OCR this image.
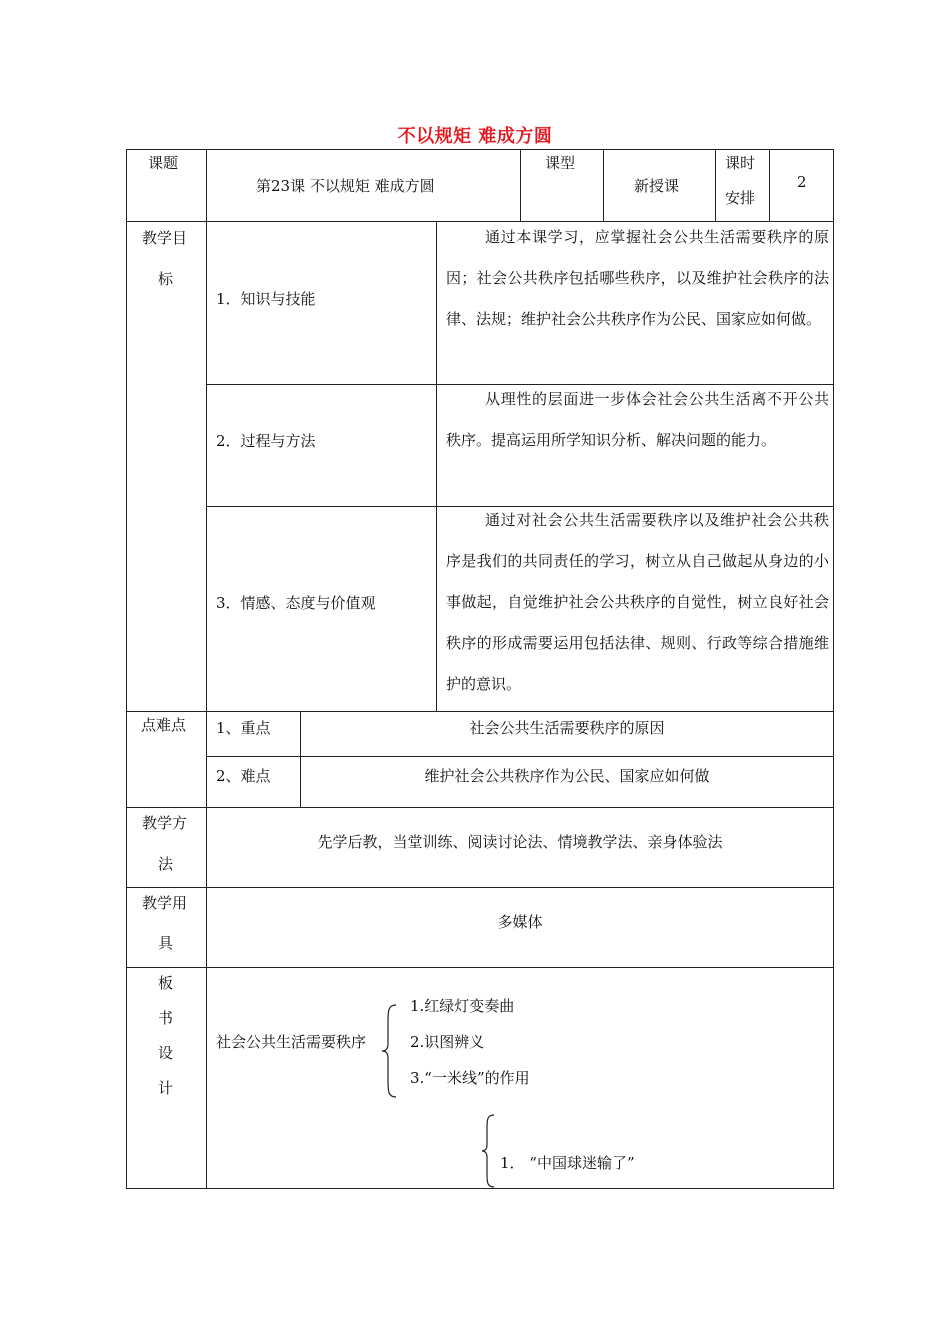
不以规矩 难成方圆
课题
第23课 不以规矩 难成方圆
课型
新授课
课时
安排
2
教学目
标
1．知识与技能
通过本课学习，应掌握社会公共生活需要秩序的原因；社会公共秩序包括哪些秩序，以及维护社会秩序的法律、法规；维护社会公共秩序作为公民、国家应如何做。
2．过程与方法
从理性的层面进一步体会社会公共生活离不开公共秩序。提高运用所学知识分析、解决问题的能力。
3．情感、态度与价值观
通过对社会公共生活需要秩序以及维护社会公共秩序是我们的共同责任的学习，树立从自己做起从身边的小事做起，自觉维护社会公共秩序的自觉性，树立良好社会秩序的形成需要运用包括法律、规则、行政等综合措施维护的意识。
点难点 1、重点	社会公共生活需要秩序的原因
2、难点	维护社会公共秩序作为公民、国家应如何做
教学方
法
先学后教，当堂训练、阅读讨论法、情境教学法、亲身体验法
教学用
具
多媒体
板
书
设
计
社会公共生活需要秩序
1.红绿灯变奏曲
2.识图辨义
3.“一米线”的作用
1． “中国球迷输了”
